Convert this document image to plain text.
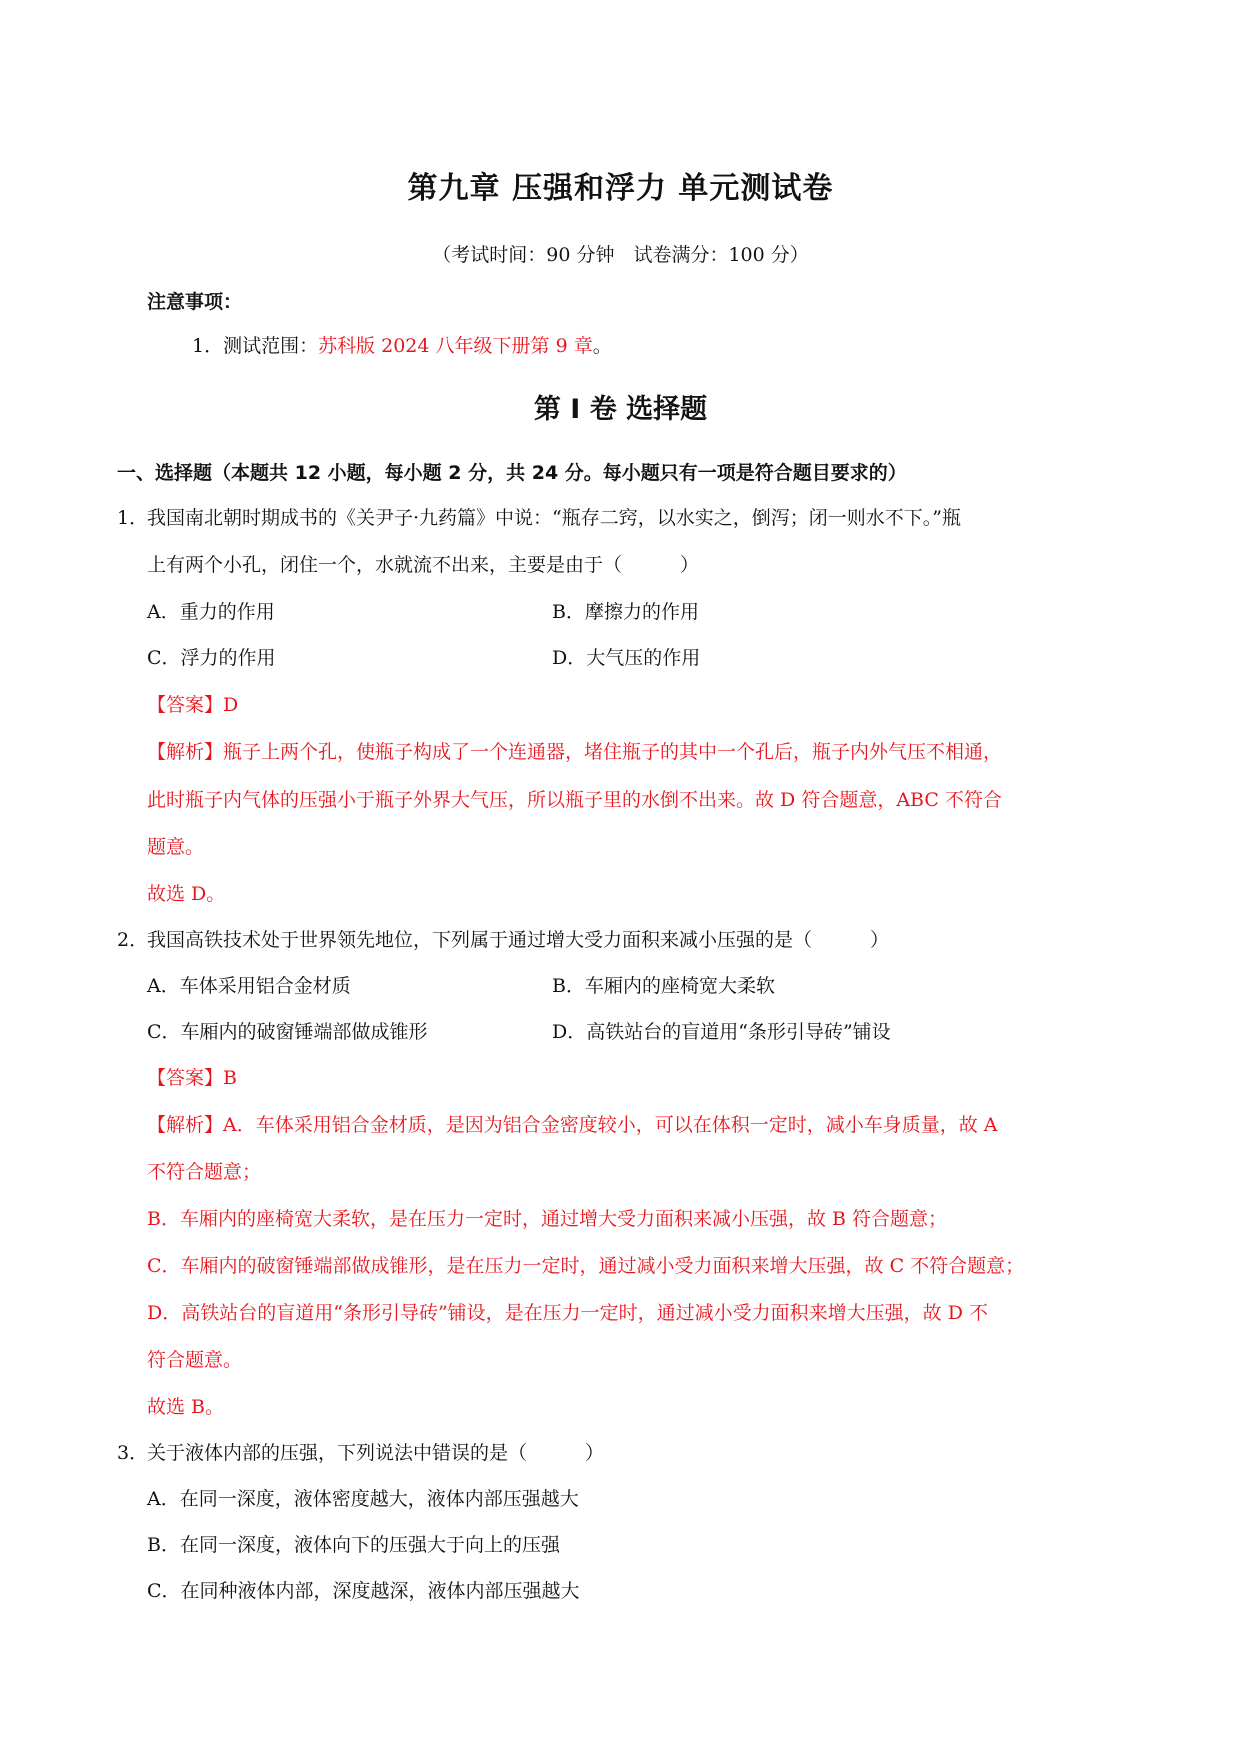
第九章 压强和浮力 单元测试卷
（考试时间：90 分钟　试卷满分：100 分）
注意事项：
1．测试范围：苏科版 2024 八年级下册第 9 章。
第 I 卷 选择题
一、选择题（本题共 12 小题，每小题 2 分，共 24 分。每小题只有一项是符合题目要求的）
1．
我国南北朝时期成书的《关尹子·九药篇》中说：“瓶存二窍，以水实之，倒泻；闭一则水不下。”瓶
上有两个小孔，闭住一个，水就流不出来，主要是由于（	）
A．重力的作用	B．摩擦力的作用
C．浮力的作用	D．大气压的作用
【答案】D
【解析】瓶子上两个孔，使瓶子构成了一个连通器，堵住瓶子的其中一个孔后，瓶子内外气压不相通，
此时瓶子内气体的压强小于瓶子外界大气压，所以瓶子里的水倒不出来。故 D 符合题意，ABC 不符合
题意。
故选 D。
2．
我国高铁技术处于世界领先地位，下列属于通过增大受力面积来减小压强的是（	）
A．车体采用铝合金材质	B．车厢内的座椅宽大柔软
C．车厢内的破窗锤端部做成锥形	D．高铁站台的盲道用“条形引导砖”铺设
【答案】B
【解析】A．车体采用铝合金材质，是因为铝合金密度较小，可以在体积一定时，减小车身质量，故 A
不符合题意；
B．车厢内的座椅宽大柔软，是在压力一定时，通过增大受力面积来减小压强，故 B 符合题意；
C．车厢内的破窗锤端部做成锥形，是在压力一定时，通过减小受力面积来增大压强，故 C 不符合题意；
D．高铁站台的盲道用“条形引导砖”铺设，是在压力一定时，通过减小受力面积来增大压强，故 D 不
符合题意。
故选 B。
3．
关于液体内部的压强，下列说法中错误的是（	）
A．在同一深度，液体密度越大，液体内部压强越大
B．在同一深度，液体向下的压强大于向上的压强
C．在同种液体内部，深度越深，液体内部压强越大
